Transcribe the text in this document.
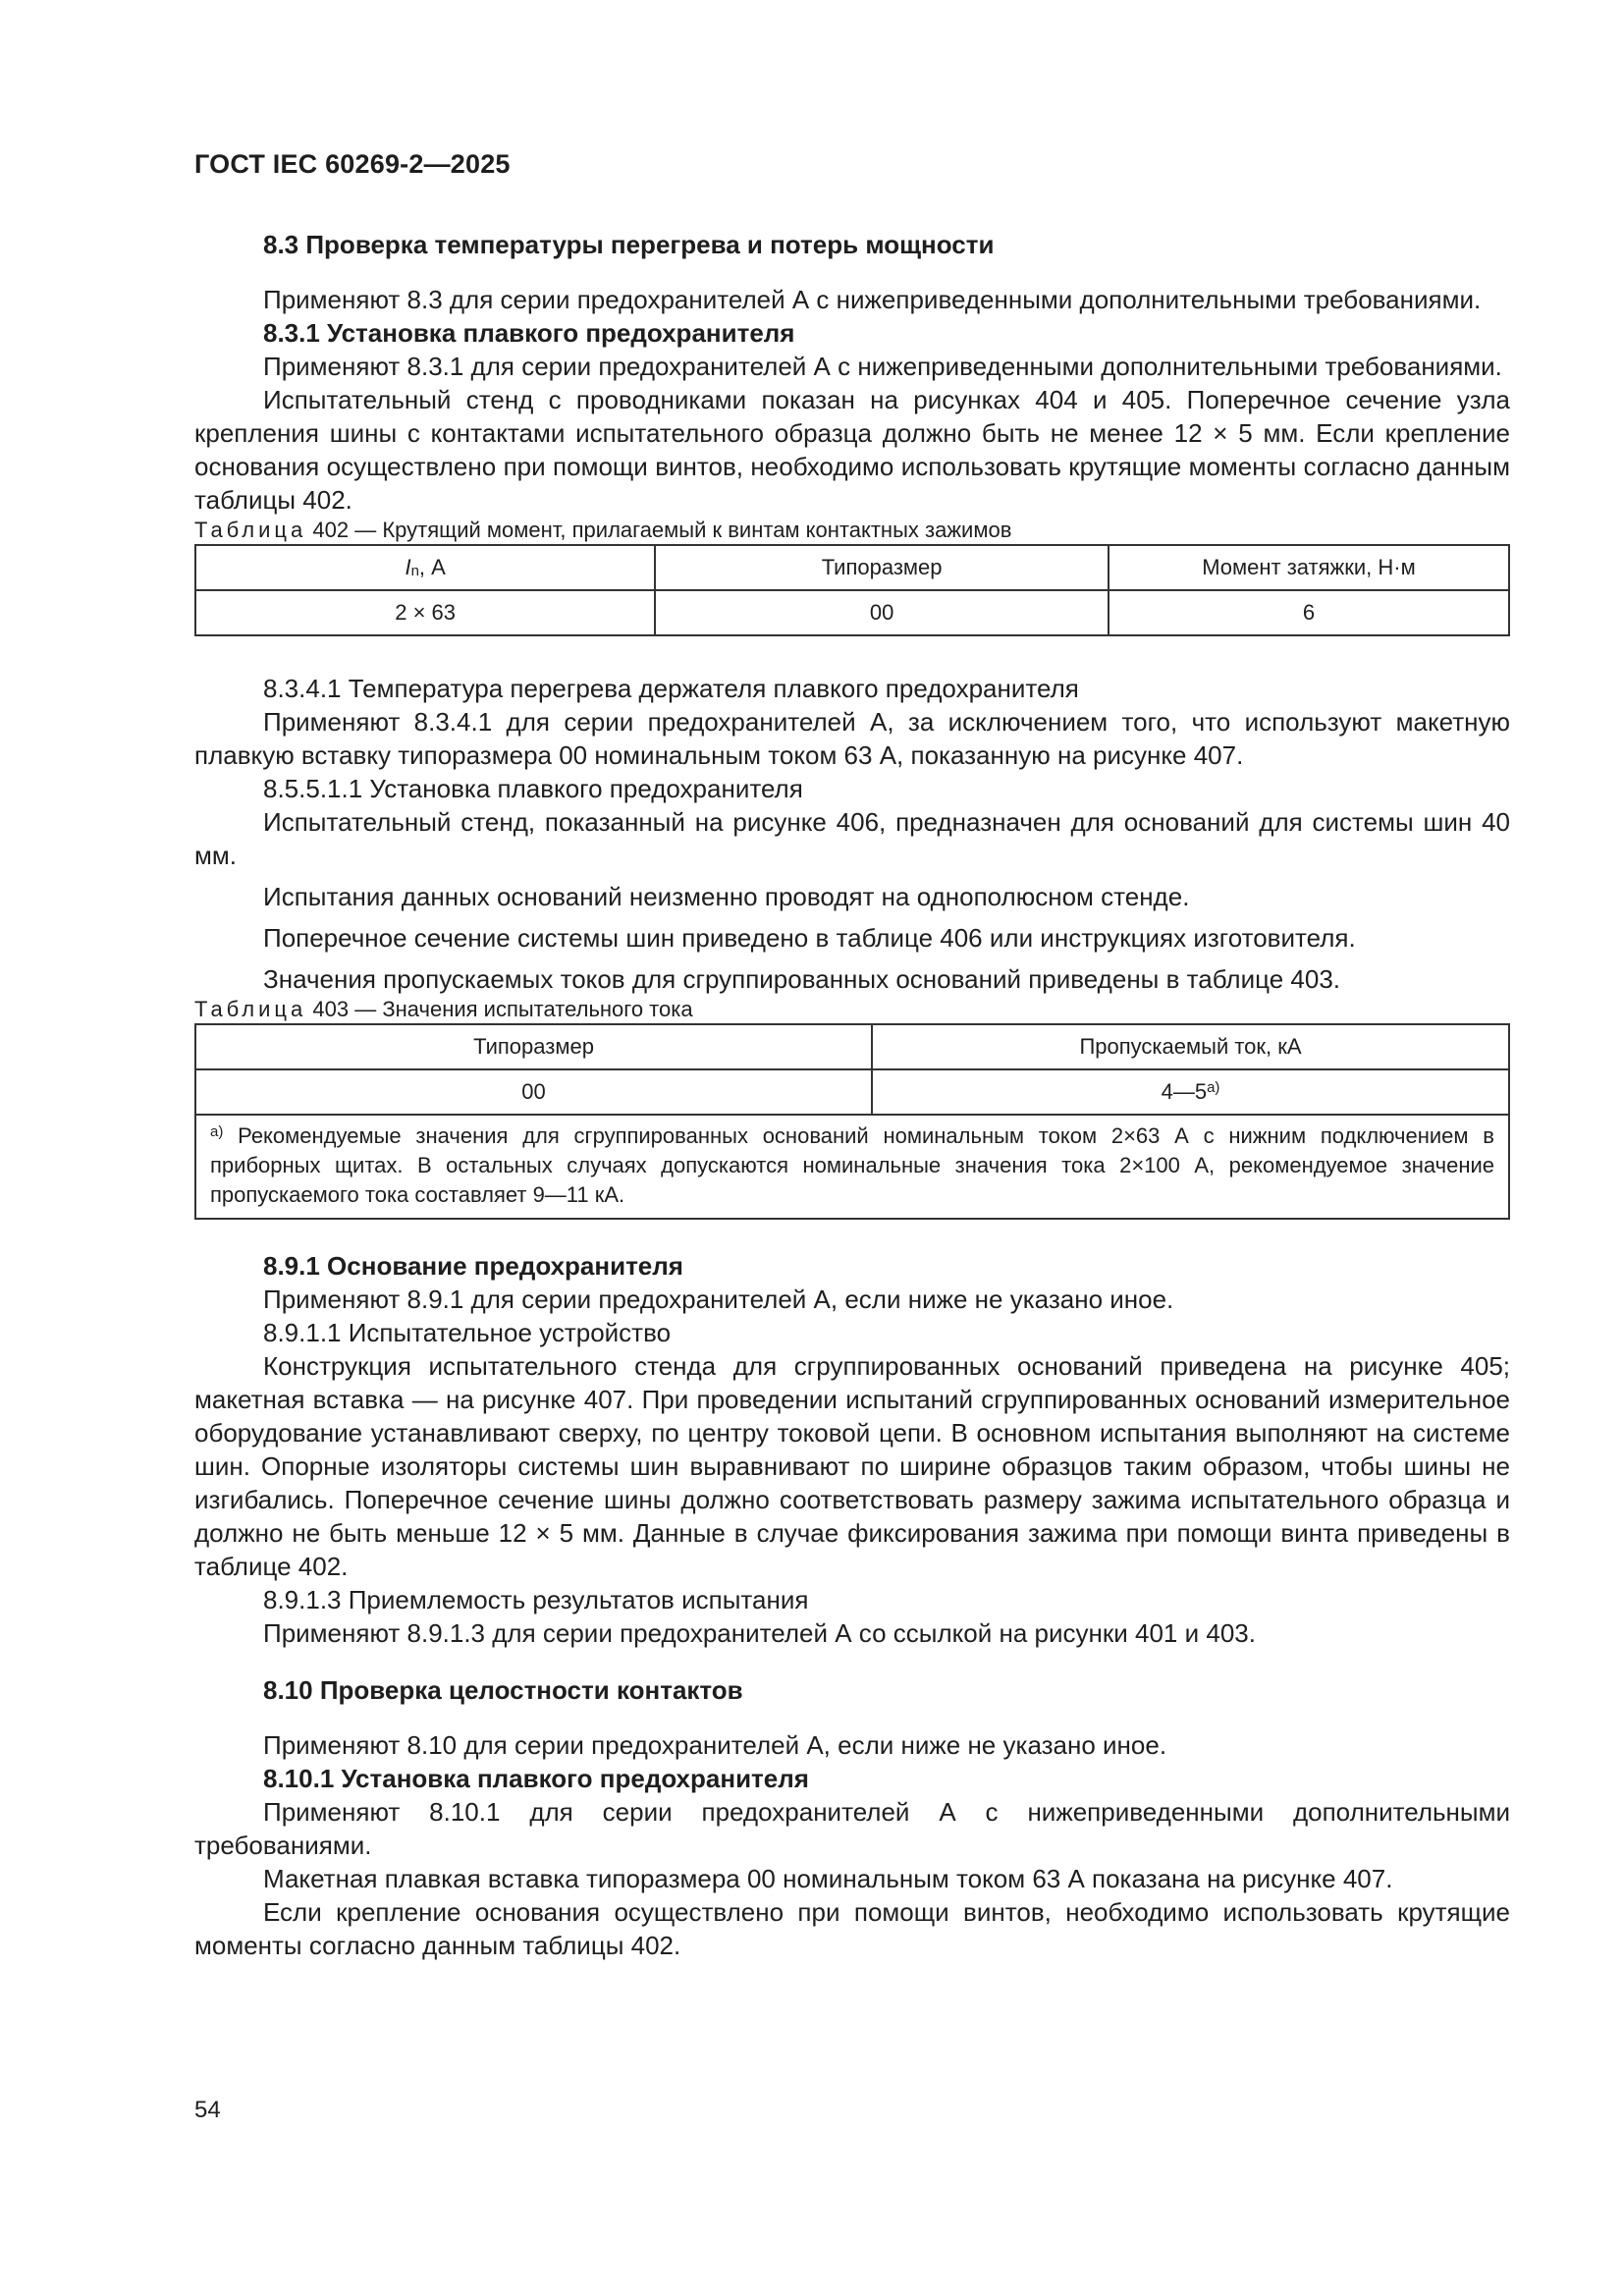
ГОСТ IEC 60269-2—2025

8.3 Проверка температуры перегрева и потерь мощности

Применяют 8.3 для серии предохранителей А с нижеприведенными дополнительными требованиями.

8.3.1 Установка плавкого предохранителя

Применяют 8.3.1 для серии предохранителей А с нижеприведенными дополнительными требованиями.

Испытательный стенд с проводниками показан на рисунках 404 и 405. Поперечное сечение узла крепления шины с контактами испытательного образца должно быть не менее 12 × 5 мм. Если крепление основания осуществлено при помощи винтов, необходимо использовать крутящие моменты согласно данным таблицы 402.

Таблица 402 — Крутящий момент, прилагаемый к винтам контактных зажимов

In, А	Типоразмер	Момент затяжки, Н·м
2 × 63	00	6

8.3.4.1 Температура перегрева держателя плавкого предохранителя

Применяют 8.3.4.1 для серии предохранителей А, за исключением того, что используют макетную плавкую вставку типоразмера 00 номинальным током 63 А, показанную на рисунке 407.

8.5.5.1.1 Установка плавкого предохранителя

Испытательный стенд, показанный на рисунке 406, предназначен для оснований для системы шин 40 мм.

Испытания данных оснований неизменно проводят на однополюсном стенде.

Поперечное сечение системы шин приведено в таблице 406 или инструкциях изготовителя.

Значения пропускаемых токов для сгруппированных оснований приведены в таблице 403.

Таблица 403 — Значения испытательного тока

Типоразмер	Пропускаемый ток, кА
00	4—5$^{a)}$
$^{a)}$ Рекомендуемые значения для сгруппированных оснований номинальным током 2×63 А с нижним подключением в приборных щитах. В остальных случаях допускаются номинальные значения тока 2×100 А, рекомендуемое значение пропускаемого тока составляет 9—11 кА.	

8.9.1 Основание предохранителя

Применяют 8.9.1 для серии предохранителей А, если ниже не указано иное.

8.9.1.1 Испытательное устройство

Конструкция испытательного стенда для сгруппированных оснований приведена на рисунке 405; макетная вставка — на рисунке 407. При проведении испытаний сгруппированных оснований измерительное оборудование устанавливают сверху, по центру токовой цепи. В основном испытания выполняют на системе шин. Опорные изоляторы системы шин выравнивают по ширине образцов таким образом, чтобы шины не изгибались. Поперечное сечение шины должно соответствовать размеру зажима испытательного образца и должно не быть меньше 12 × 5 мм. Данные в случае фиксирования зажима при помощи винта приведены в таблице 402.

8.9.1.3 Приемлемость результатов испытания

Применяют 8.9.1.3 для серии предохранителей А со ссылкой на рисунки 401 и 403.

8.10 Проверка целостности контактов

Применяют 8.10 для серии предохранителей А, если ниже не указано иное.

8.10.1 Установка плавкого предохранителя

Применяют 8.10.1 для серии предохранителей А с нижеприведенными дополнительными требованиями.

Макетная плавкая вставка типоразмера 00 номинальным током 63 А показана на рисунке 407.

Если крепление основания осуществлено при помощи винтов, необходимо использовать крутящие моменты согласно данным таблицы 402.

54
